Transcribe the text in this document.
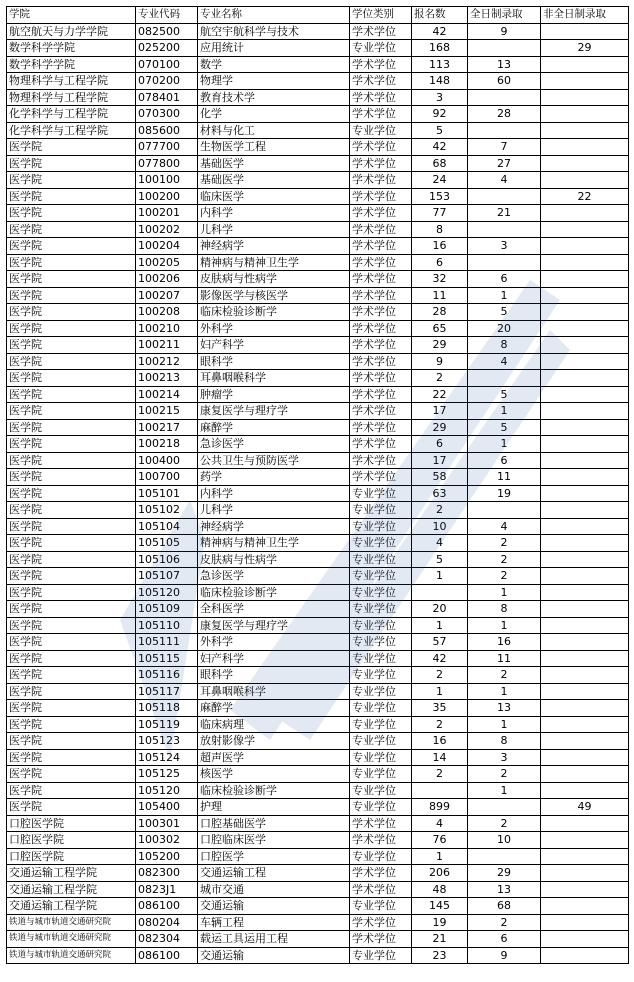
学院	专业代码	专业名称	学位类别	报名数	全日制录取	非全日制录取
航空航天与力学学院	082500	航空宇航科学与技术	学术学位	42	9	
数学科学学院	025200	应用统计	专业学位	168		29
数学科学学院	070100	数学	学术学位	113	13	
物理科学与工程学院	070200	物理学	学术学位	148	60	
物理科学与工程学院	078401	教育技术学	学术学位	3		
化学科学与工程学院	070300	化学	学术学位	92	28	
化学科学与工程学院	085600	材料与化工	专业学位	5		
医学院	077700	生物医学工程	学术学位	42	7	
医学院	077800	基础医学	学术学位	68	27	
医学院	100100	基础医学	学术学位	24	4	
医学院	100200	临床医学	学术学位	153		22
医学院	100201	内科学	学术学位	77	21	
医学院	100202	儿科学	学术学位	8		
医学院	100204	神经病学	学术学位	16	3	
医学院	100205	精神病与精神卫生学	学术学位	6		
医学院	100206	皮肤病与性病学	学术学位	32	6	
医学院	100207	影像医学与核医学	学术学位	11	1	
医学院	100208	临床检验诊断学	学术学位	28	5	
医学院	100210	外科学	学术学位	65	20	
医学院	100211	妇产科学	学术学位	29	8	
医学院	100212	眼科学	学术学位	9	4	
医学院	100213	耳鼻咽喉科学	学术学位	2		
医学院	100214	肿瘤学	学术学位	22	5	
医学院	100215	康复医学与理疗学	学术学位	17	1	
医学院	100217	麻醉学	学术学位	29	5	
医学院	100218	急诊医学	学术学位	6	1	
医学院	100400	公共卫生与预防医学	学术学位	17	6	
医学院	100700	药学	学术学位	58	11	
医学院	105101	内科学	专业学位	63	19	
医学院	105102	儿科学	专业学位	2		
医学院	105104	神经病学	专业学位	10	4	
医学院	105105	精神病与精神卫生学	专业学位	4	2	
医学院	105106	皮肤病与性病学	专业学位	5	2	
医学院	105107	急诊医学	专业学位	1	2	
医学院	105120	临床检验诊断学	专业学位		1	
医学院	105109	全科医学	专业学位	20	8	
医学院	105110	康复医学与理疗学	专业学位	1	1	
医学院	105111	外科学	专业学位	57	16	
医学院	105115	妇产科学	专业学位	42	11	
医学院	105116	眼科学	专业学位	2	2	
医学院	105117	耳鼻咽喉科学	专业学位	1	1	
医学院	105118	麻醉学	专业学位	35	13	
医学院	105119	临床病理	专业学位	2	1	
医学院	105123	放射影像学	专业学位	16	8	
医学院	105124	超声医学	专业学位	14	3	
医学院	105125	核医学	专业学位	2	2	
医学院	105120	临床检验诊断学	专业学位		1	
医学院	105400	护理	专业学位	899		49
口腔医学院	100301	口腔基础医学	学术学位	4	2	
口腔医学院	100302	口腔临床医学	学术学位	76	10	
口腔医学院	105200	口腔医学	专业学位	1		
交通运输工程学院	082300	交通运输工程	学术学位	206	29	
交通运输工程学院	0823J1	城市交通	学术学位	48	13	
交通运输工程学院	086100	交通运输	专业学位	145	68	
铁道与城市轨道交通研究院	080204	车辆工程	学术学位	19	2	
铁道与城市轨道交通研究院	082304	载运工具运用工程	学术学位	21	6	
铁道与城市轨道交通研究院	086100	交通运输	专业学位	23	9	
